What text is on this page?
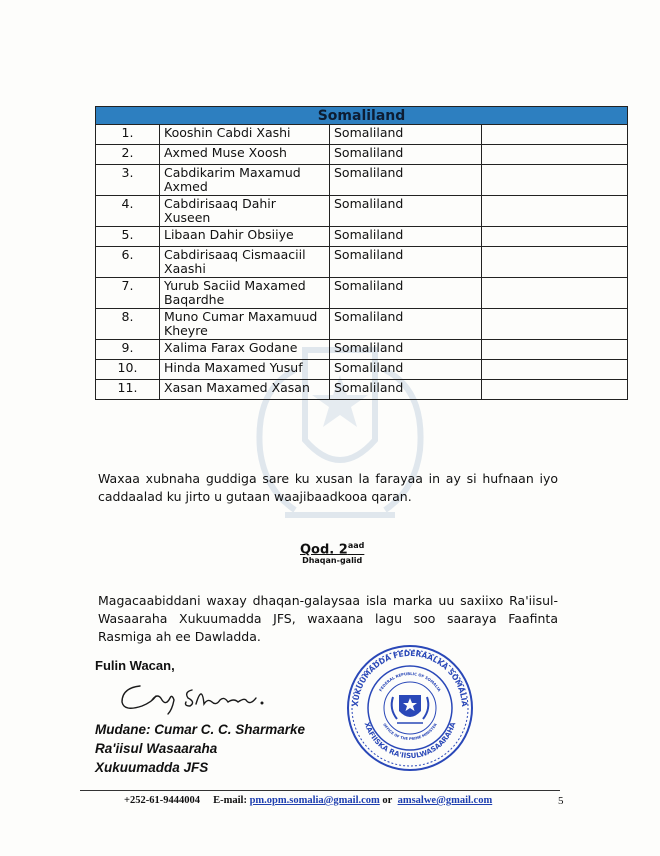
Somaliland			
1.	Kooshin Cabdi Xashi	Somaliland	
2.	Axmed Muse Xoosh	Somaliland	
3.	Cabdikarim Maxamud Axmed	Somaliland	
4.	Cabdirisaaq Dahir Xuseen	Somaliland	
5.	Libaan Dahir Obsiiye	Somaliland	
6.	Cabdirisaaq Cismaaciil Xaashi	Somaliland	
7.	Yurub Saciid Maxamed Baqardhe	Somaliland	
8.	Muno Cumar Maxamuud Kheyre	Somaliland	
9.	Xalima Farax Godane	Somaliland	
10.	Hinda Maxamed Yusuf	Somaliland	
11.	Xasan Maxamed Xasan	Somaliland	
Waxaa xubnaha guddiga sare ku xusan la farayaa in ay si hufnaan iyo caddaalad ku jirto u gutaan waajibaadkooa qaran.
Qod. $2^{aad}$
Dhaqan-galid
Magacaabiddani waxay dhaqan-galaysaa isla marka uu saxiixo Ra'iisul-Wasaaraha Xukuumadda JFS, waxaana lagu soo saaraya Faafinta Rasmiga ah ee Dawladda.
Fulin Wacan,
Mudane: Cumar C. C. Sharmarke
Ra'iisul Wasaaraha
Xukuumadda JFS
XUKUUMADDA FEDERAALKA SOMALIA
XAFIISKA RA'IISULWASAARAHA
FEDERAL REPUBLIC OF SOMALIA
OFFICE OF THE PRIME MINISTER
+252-61-9444004 E-mail: pm.opm.somalia@gmail.com or amsalwe@gmail.com	5
